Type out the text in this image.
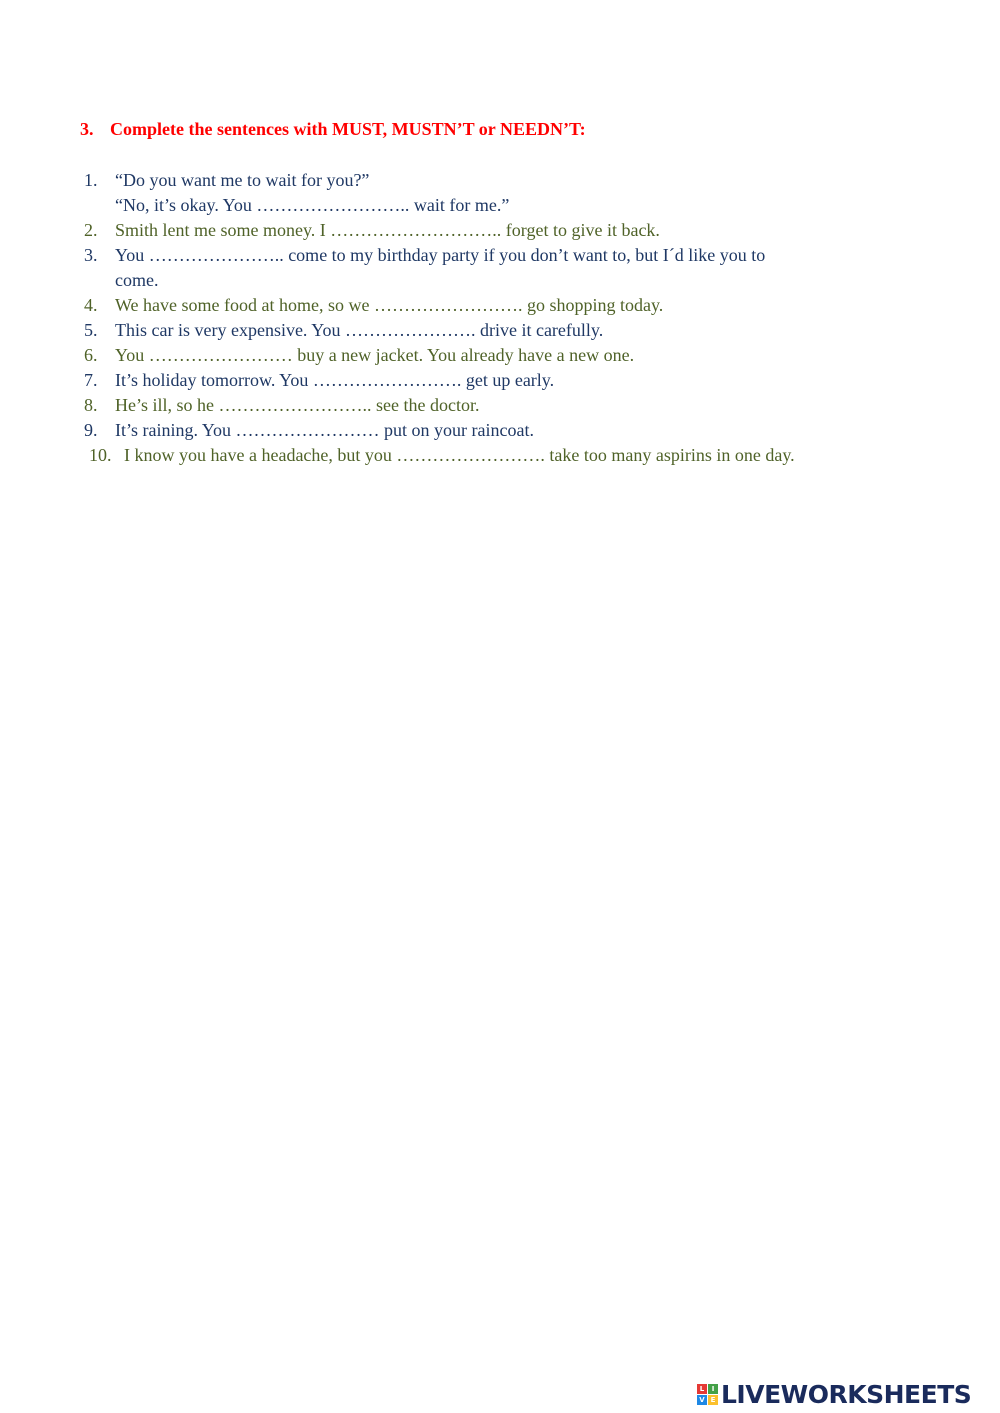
3. Complete the sentences with MUST, MUSTN’T or NEEDN’T:
1. “Do you want me to wait for you?”
“No, it’s okay. You …………………….. wait for me.”
2. Smith lent me some money. I ……………………….. forget to give it back.
3. You ………………….. come to my birthday party if you don’t want to, but I´d like you to
come.
4. We have some food at home, so we ……………………. go shopping today.
5. This car is very expensive. You …………………. drive it carefully.
6. You …………………… buy a new jacket. You already have a new one.
7. It’s holiday tomorrow. You ……………………. get up early.
8. He’s ill, so he …………………….. see the doctor.
9. It’s raining. You …………………… put on your raincoat.
10. I know you have a headache, but you ……………………. take too many aspirins in one day.
L	I
V E LIVEWORKSHEETS
